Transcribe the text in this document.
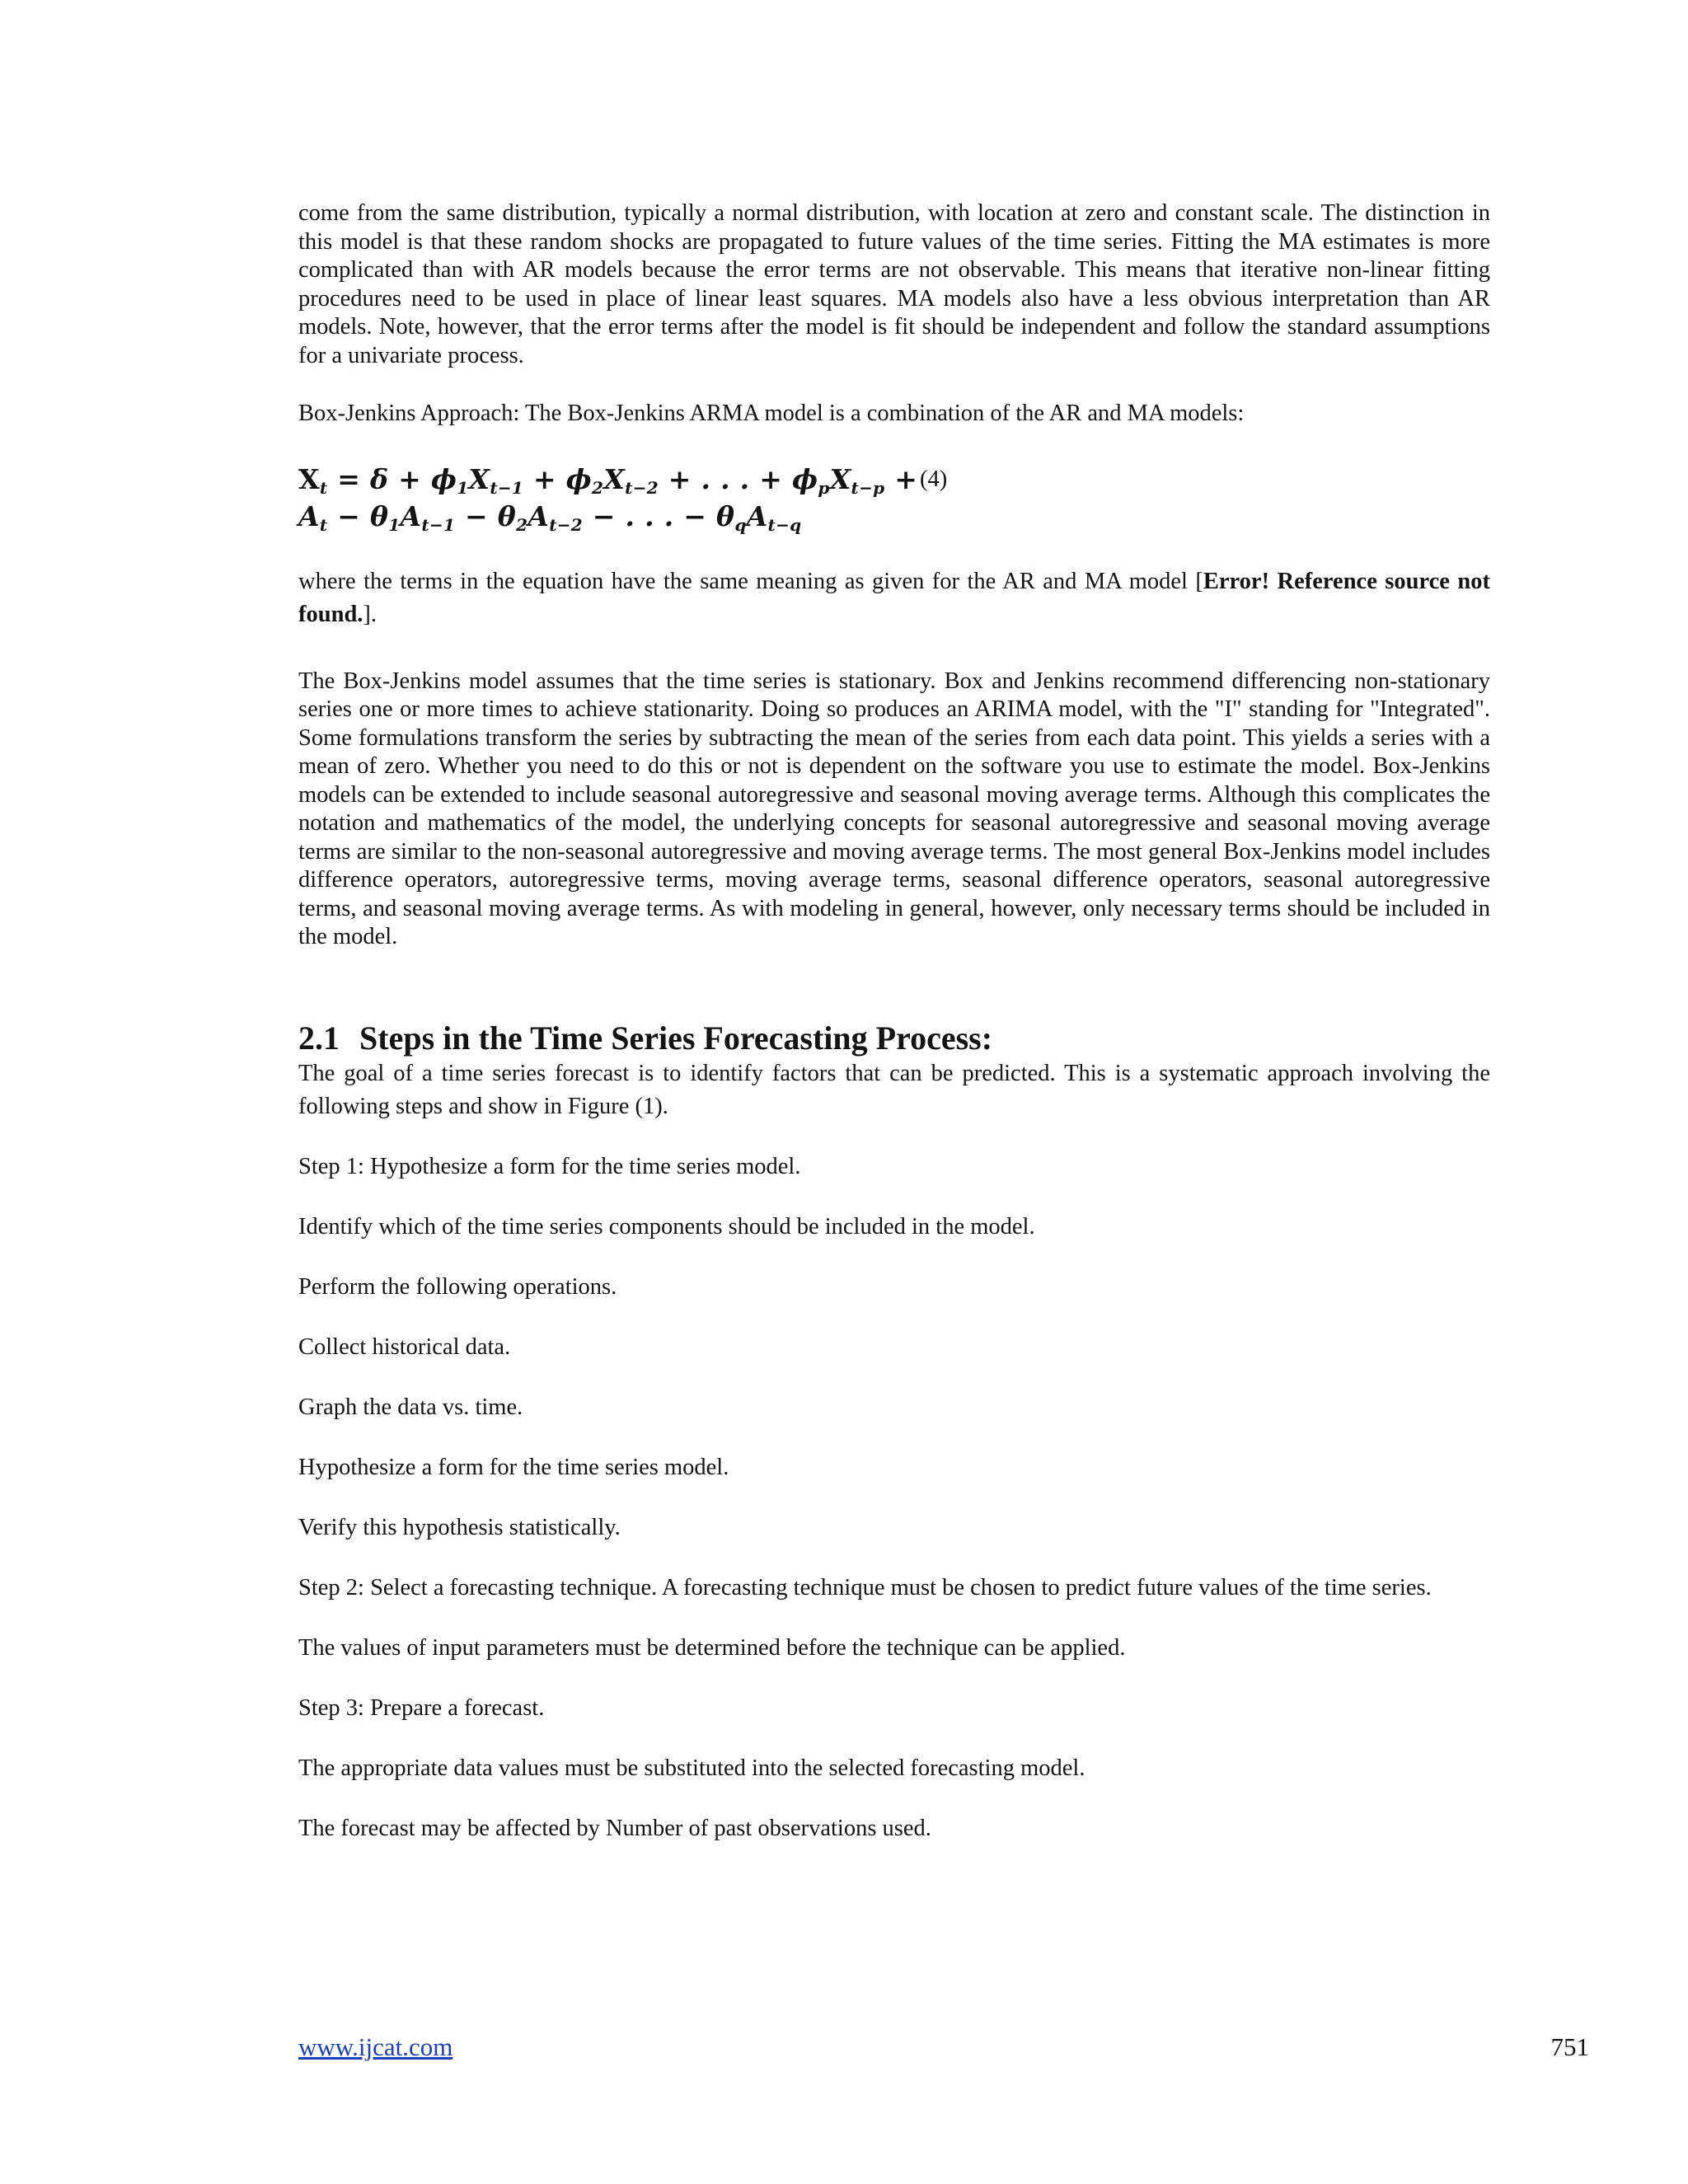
come from the same distribution, typically a normal distribution, with location at zero and constant scale. The distinction in this model is that these random shocks are propagated to future values of the time series. Fitting the MA estimates is more complicated than with AR models because the error terms are not observable. This means that iterative non-linear fitting procedures need to be used in place of linear least squares. MA models also have a less obvious interpretation than AR models. Note, however, that the error terms after the model is fit should be independent and follow the standard assumptions for a univariate process.

Box-Jenkins Approach: The Box-Jenkins ARMA model is a combination of the AR and MA models:

$X_t = \delta + \phi_1X_{t-1} + \phi_2X_{t-2}$ + . . . + $\phi_pX_{t-p}$ +
$A_t - \theta_1A_{t-1} - \theta_2A_{t-2}$ − . . . − $\theta_qA_{t-q}$
(4)

where the terms in the equation have the same meaning as given for the AR and MA model [Error! Reference source not found.].

The Box-Jenkins model assumes that the time series is stationary. Box and Jenkins recommend differencing non-stationary series one or more times to achieve stationarity. Doing so produces an ARIMA model, with the "I" standing for "Integrated". Some formulations transform the series by subtracting the mean of the series from each data point. This yields a series with a mean of zero. Whether you need to do this or not is dependent on the software you use to estimate the model. Box-Jenkins models can be extended to include seasonal autoregressive and seasonal moving average terms. Although this complicates the notation and mathematics of the model, the underlying concepts for seasonal autoregressive and seasonal moving average terms are similar to the non-seasonal autoregressive and moving average terms. The most general Box-Jenkins model includes difference operators, autoregressive terms, moving average terms, seasonal difference operators, seasonal autoregressive terms, and seasonal moving average terms. As with modeling in general, however, only necessary terms should be included in the model.

2.1 Steps in the Time Series Forecasting Process:

The goal of a time series forecast is to identify factors that can be predicted. This is a systematic approach involving the following steps and show in Figure (1).

Step 1: Hypothesize a form for the time series model.

Identify which of the time series components should be included in the model.

Perform the following operations.

Collect historical data.

Graph the data vs. time.

Hypothesize a form for the time series model.

Verify this hypothesis statistically.

Step 2: Select a forecasting technique. A forecasting technique must be chosen to predict future values of the time series.

The values of input parameters must be determined before the technique can be applied.

Step 3: Prepare a forecast.

The appropriate data values must be substituted into the selected forecasting model.

The forecast may be affected by Number of past observations used.

www.ijcat.com	751
